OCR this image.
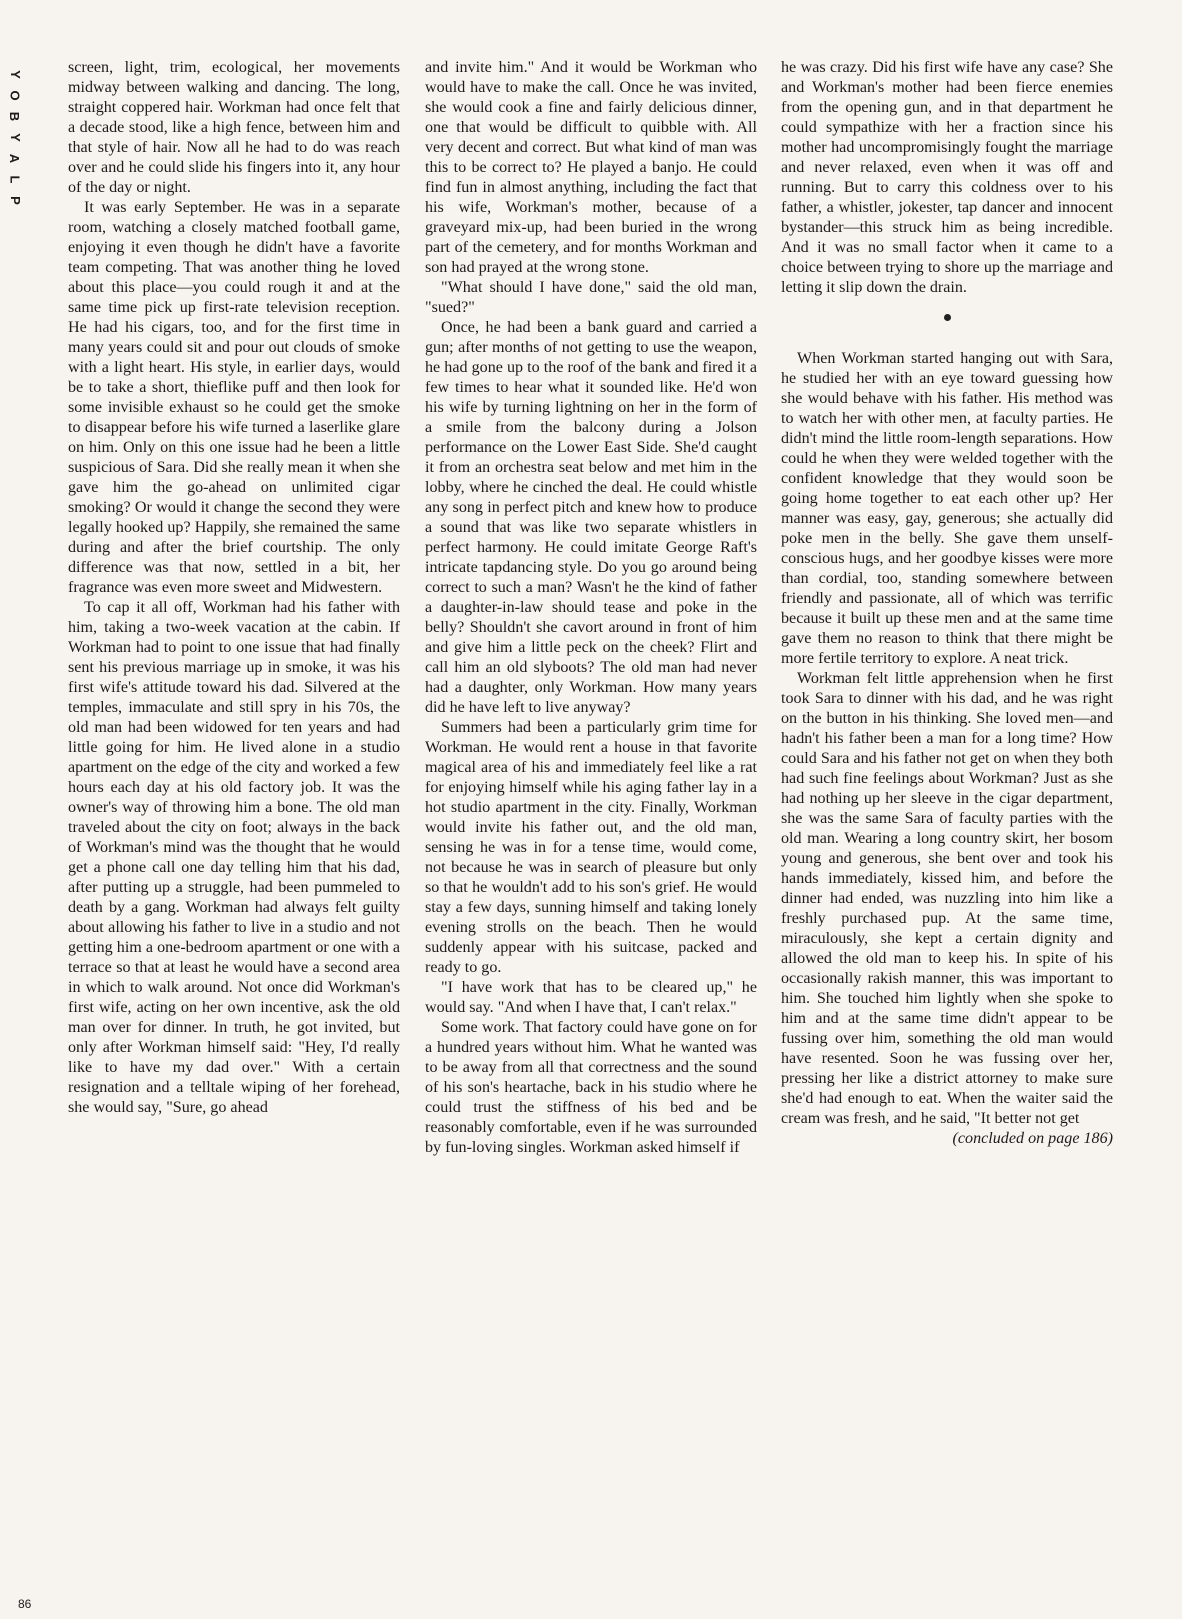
Y
O
B
Y
A
L
P

screen, light, trim, ecological, her movements midway between walking and dancing. The long, straight coppered hair. Workman had once felt that a decade stood, like a high fence, between him and that style of hair. Now all he had to do was reach over and he could slide his fingers into it, any hour of the day or night.

It was early September. He was in a separate room, watching a closely matched football game, enjoying it even though he didn't have a favorite team competing. That was another thing he loved about this place—you could rough it and at the same time pick up first-rate television reception. He had his cigars, too, and for the first time in many years could sit and pour out clouds of smoke with a light heart. His style, in earlier days, would be to take a short, thieflike puff and then look for some invisible exhaust so he could get the smoke to disappear before his wife turned a laserlike glare on him. Only on this one issue had he been a little suspicious of Sara. Did she really mean it when she gave him the go-ahead on unlimited cigar smoking? Or would it change the second they were legally hooked up? Happily, she remained the same during and after the brief courtship. The only difference was that now, settled in a bit, her fragrance was even more sweet and Midwestern.

To cap it all off, Workman had his father with him, taking a two-week vacation at the cabin. If Workman had to point to one issue that had finally sent his previous marriage up in smoke, it was his first wife's attitude toward his dad. Silvered at the temples, immaculate and still spry in his 70s, the old man had been widowed for ten years and had little going for him. He lived alone in a studio apartment on the edge of the city and worked a few hours each day at his old factory job. It was the owner's way of throwing him a bone. The old man traveled about the city on foot; always in the back of Workman's mind was the thought that he would get a phone call one day telling him that his dad, after putting up a struggle, had been pummeled to death by a gang. Workman had always felt guilty about allowing his father to live in a studio and not getting him a one-bedroom apartment or one with a terrace so that at least he would have a second area in which to walk around. Not once did Workman's first wife, acting on her own incentive, ask the old man over for dinner. In truth, he got invited, but only after Workman himself said: "Hey, I'd really like to have my dad over." With a certain resignation and a telltale wiping of her forehead, she would say, "Sure, go ahead

and invite him." And it would be Workman who would have to make the call. Once he was invited, she would cook a fine and fairly delicious dinner, one that would be difficult to quibble with. All very decent and correct. But what kind of man was this to be correct to? He played a banjo. He could find fun in almost anything, including the fact that his wife, Workman's mother, because of a graveyard mix-up, had been buried in the wrong part of the cemetery, and for months Workman and son had prayed at the wrong stone.

"What should I have done," said the old man, "sued?"

Once, he had been a bank guard and carried a gun; after months of not getting to use the weapon, he had gone up to the roof of the bank and fired it a few times to hear what it sounded like. He'd won his wife by turning lightning on her in the form of a smile from the balcony during a Jolson performance on the Lower East Side. She'd caught it from an orchestra seat below and met him in the lobby, where he cinched the deal. He could whistle any song in perfect pitch and knew how to produce a sound that was like two separate whistlers in perfect harmony. He could imitate George Raft's intricate tapdancing style. Do you go around being correct to such a man? Wasn't he the kind of father a daughter-in-law should tease and poke in the belly? Shouldn't she cavort around in front of him and give him a little peck on the cheek? Flirt and call him an old slyboots? The old man had never had a daughter, only Workman. How many years did he have left to live anyway?

Summers had been a particularly grim time for Workman. He would rent a house in that favorite magical area of his and immediately feel like a rat for enjoying himself while his aging father lay in a hot studio apartment in the city. Finally, Workman would invite his father out, and the old man, sensing he was in for a tense time, would come, not because he was in search of pleasure but only so that he wouldn't add to his son's grief. He would stay a few days, sunning himself and taking lonely evening strolls on the beach. Then he would suddenly appear with his suitcase, packed and ready to go.

"I have work that has to be cleared up," he would say. "And when I have that, I can't relax."

Some work. That factory could have gone on for a hundred years without him. What he wanted was to be away from all that correctness and the sound of his son's heartache, back in his studio where he could trust the stiffness of his bed and be reasonably comfortable, even if he was surrounded by fun-loving singles. Workman asked himself if

he was crazy. Did his first wife have any case? She and Workman's mother had been fierce enemies from the opening gun, and in that department he could sympathize with her a fraction since his mother had uncompromisingly fought the marriage and never relaxed, even when it was off and running. But to carry this coldness over to his father, a whistler, jokester, tap dancer and innocent bystander—this struck him as being incredible. And it was no small factor when it came to a choice between trying to shore up the marriage and letting it slip down the drain.

When Workman started hanging out with Sara, he studied her with an eye toward guessing how she would behave with his father. His method was to watch her with other men, at faculty parties. He didn't mind the little room-length separations. How could he when they were welded together with the confident knowledge that they would soon be going home together to eat each other up? Her manner was easy, gay, generous; she actually did poke men in the belly. She gave them unself-conscious hugs, and her goodbye kisses were more than cordial, too, standing somewhere between friendly and passionate, all of which was terrific because it built up these men and at the same time gave them no reason to think that there might be more fertile territory to explore. A neat trick.

Workman felt little apprehension when he first took Sara to dinner with his dad, and he was right on the button in his thinking. She loved men—and hadn't his father been a man for a long time? How could Sara and his father not get on when they both had such fine feelings about Workman? Just as she had nothing up her sleeve in the cigar department, she was the same Sara of faculty parties with the old man. Wearing a long country skirt, her bosom young and generous, she bent over and took his hands immediately, kissed him, and before the dinner had ended, was nuzzling into him like a freshly purchased pup. At the same time, miraculously, she kept a certain dignity and allowed the old man to keep his. In spite of his occasionally rakish manner, this was important to him. She touched him lightly when she spoke to him and at the same time didn't appear to be fussing over him, something the old man would have resented. Soon he was fussing over her, pressing her like a district attorney to make sure she'd had enough to eat. When the waiter said the cream was fresh, and he said, "It better not get

(concluded on page 186)

86
